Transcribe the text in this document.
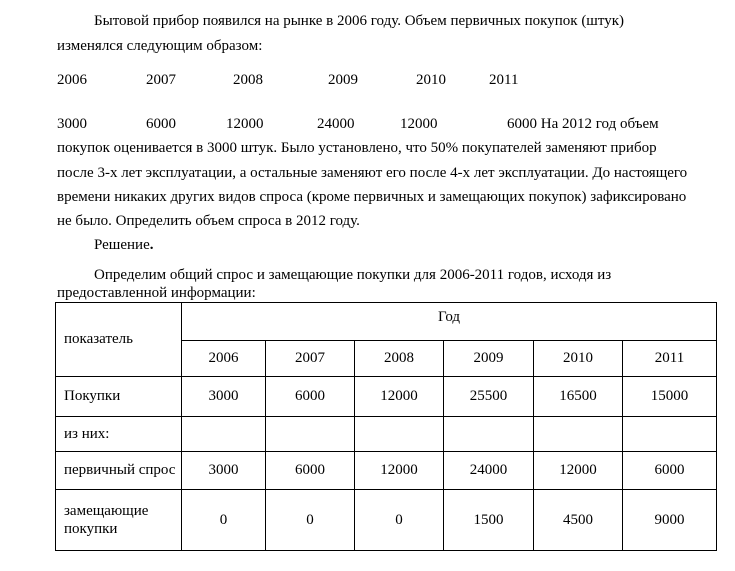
Бытовой прибор появился на рынке в 2006 году. Объем первичных покупок (штук)
изменялся следующим образом:
2006	2007	2008	2009	2010	2011
3000	6000	12000	24000	12000	6000 На 2012 год объем
покупок оценивается в 3000 штук. Было установлено, что 50% покупателей заменяют прибор
после 3-х лет эксплуатации, а остальные заменяют его после 4-х лет эксплуатации. До настоящего
времени никаких других видов спроса (кроме первичных и замещающих покупок) зафиксировано
не было. Определить объем спроса в 2012 году.
Решение.
Определим общий спрос и замещающие покупки для 2006-2011 годов, исходя из
предоставленной информации:
показатель	Год					
	2006	2007	2008	2009	2010	2011
Покупки	3000	6000	12000	25500	16500	15000
из них:						
первичный спрос	3000	6000	12000	24000	12000	6000
замещающие
покупки	0	0	0	1500	4500	9000
